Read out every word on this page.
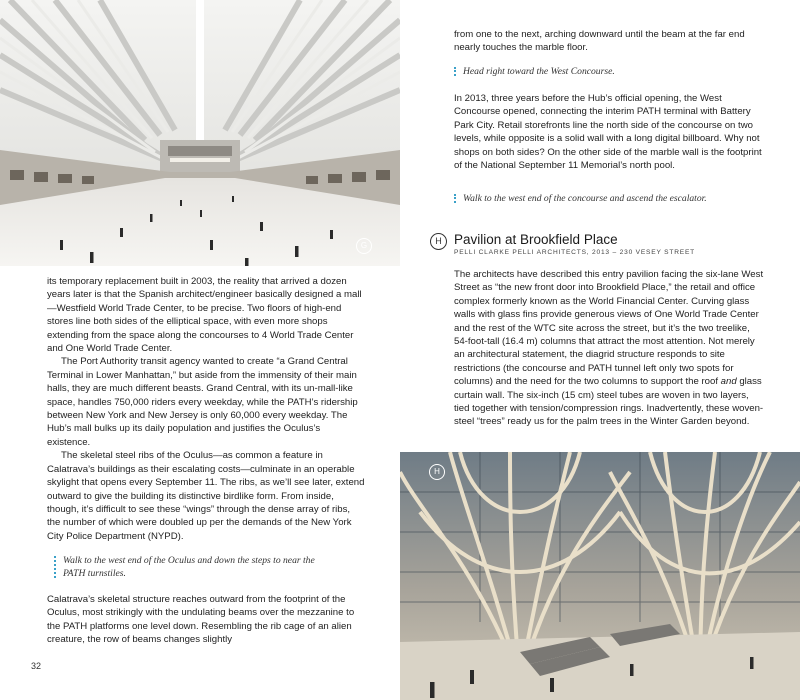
G

its temporary replacement built in 2003, the reality that arrived a dozen years later is that the Spanish architect/engineer basically designed a mall—Westfield World Trade Center, to be precise. Two floors of high-end stores line both sides of the elliptical space, with even more shops extending from the space along the concourses to 4 World Trade Center and One World Trade Center.

The Port Authority transit agency wanted to create “a Grand Central Terminal in Lower Manhattan,” but aside from the immensity of their main halls, they are much different beasts. Grand Central, with its un-mall-like space, handles 750,000 riders every weekday, while the PATH’s ridership between New York and New Jersey is only 60,000 every weekday. The Hub’s mall bulks up its daily population and justifies the Oculus’s existence.

The skeletal steel ribs of the Oculus—as common a feature in Calatrava’s buildings as their escalating costs—culminate in an operable skylight that opens every September 11. The ribs, as we’ll see later, extend outward to give the building its distinctive birdlike form. From inside, though, it’s difficult to see these “wings” through the dense array of ribs, the number of which were doubled up per the demands of the New York City Police Department (NYPD).

Walk to the west end of the Oculus and down the steps to near the PATH turnstiles.

Calatrava’s skeletal structure reaches outward from the footprint of the Oculus, most strikingly with the undulating beams over the mezzanine to the PATH platforms one level down. Resembling the rib cage of an alien creature, the row of beams changes slightly

32

from one to the next, arching downward until the beam at the far end nearly touches the marble floor.

Head right toward the West Concourse.

In 2013, three years before the Hub’s official opening, the West Concourse opened, connecting the interim PATH terminal with Battery Park City. Retail storefronts line the north side of the concourse on two levels, while opposite is a solid wall with a long digital billboard. Why not shops on both sides? On the other side of the marble wall is the footprint of the National September 11 Memorial’s north pool.

Walk to the west end of the concourse and ascend the escalator.
H Pavilion at Brookfield Place
PELLI CLARKE PELLI ARCHITECTS, 2013 – 230 VESEY STREET

The architects have described this entry pavilion facing the six-lane West Street as “the new front door into Brookfield Place,” the retail and office complex formerly known as the World Financial Center. Curving glass walls with glass fins provide generous views of One World Trade Center and the rest of the WTC site across the street, but it’s the two treelike, 54-foot-tall (16.4 m) columns that attract the most attention. Not merely an architectural statement, the diagrid structure responds to site restrictions (the concourse and PATH tunnel left only two spots for columns) and the need for the two columns to support the roof and glass curtain wall. The six-inch (15 cm) steel tubes are woven in two layers, tied together with tension/compression rings. Inadvertently, these woven-steel “trees” ready us for the palm trees in the Winter Garden beyond.

H
